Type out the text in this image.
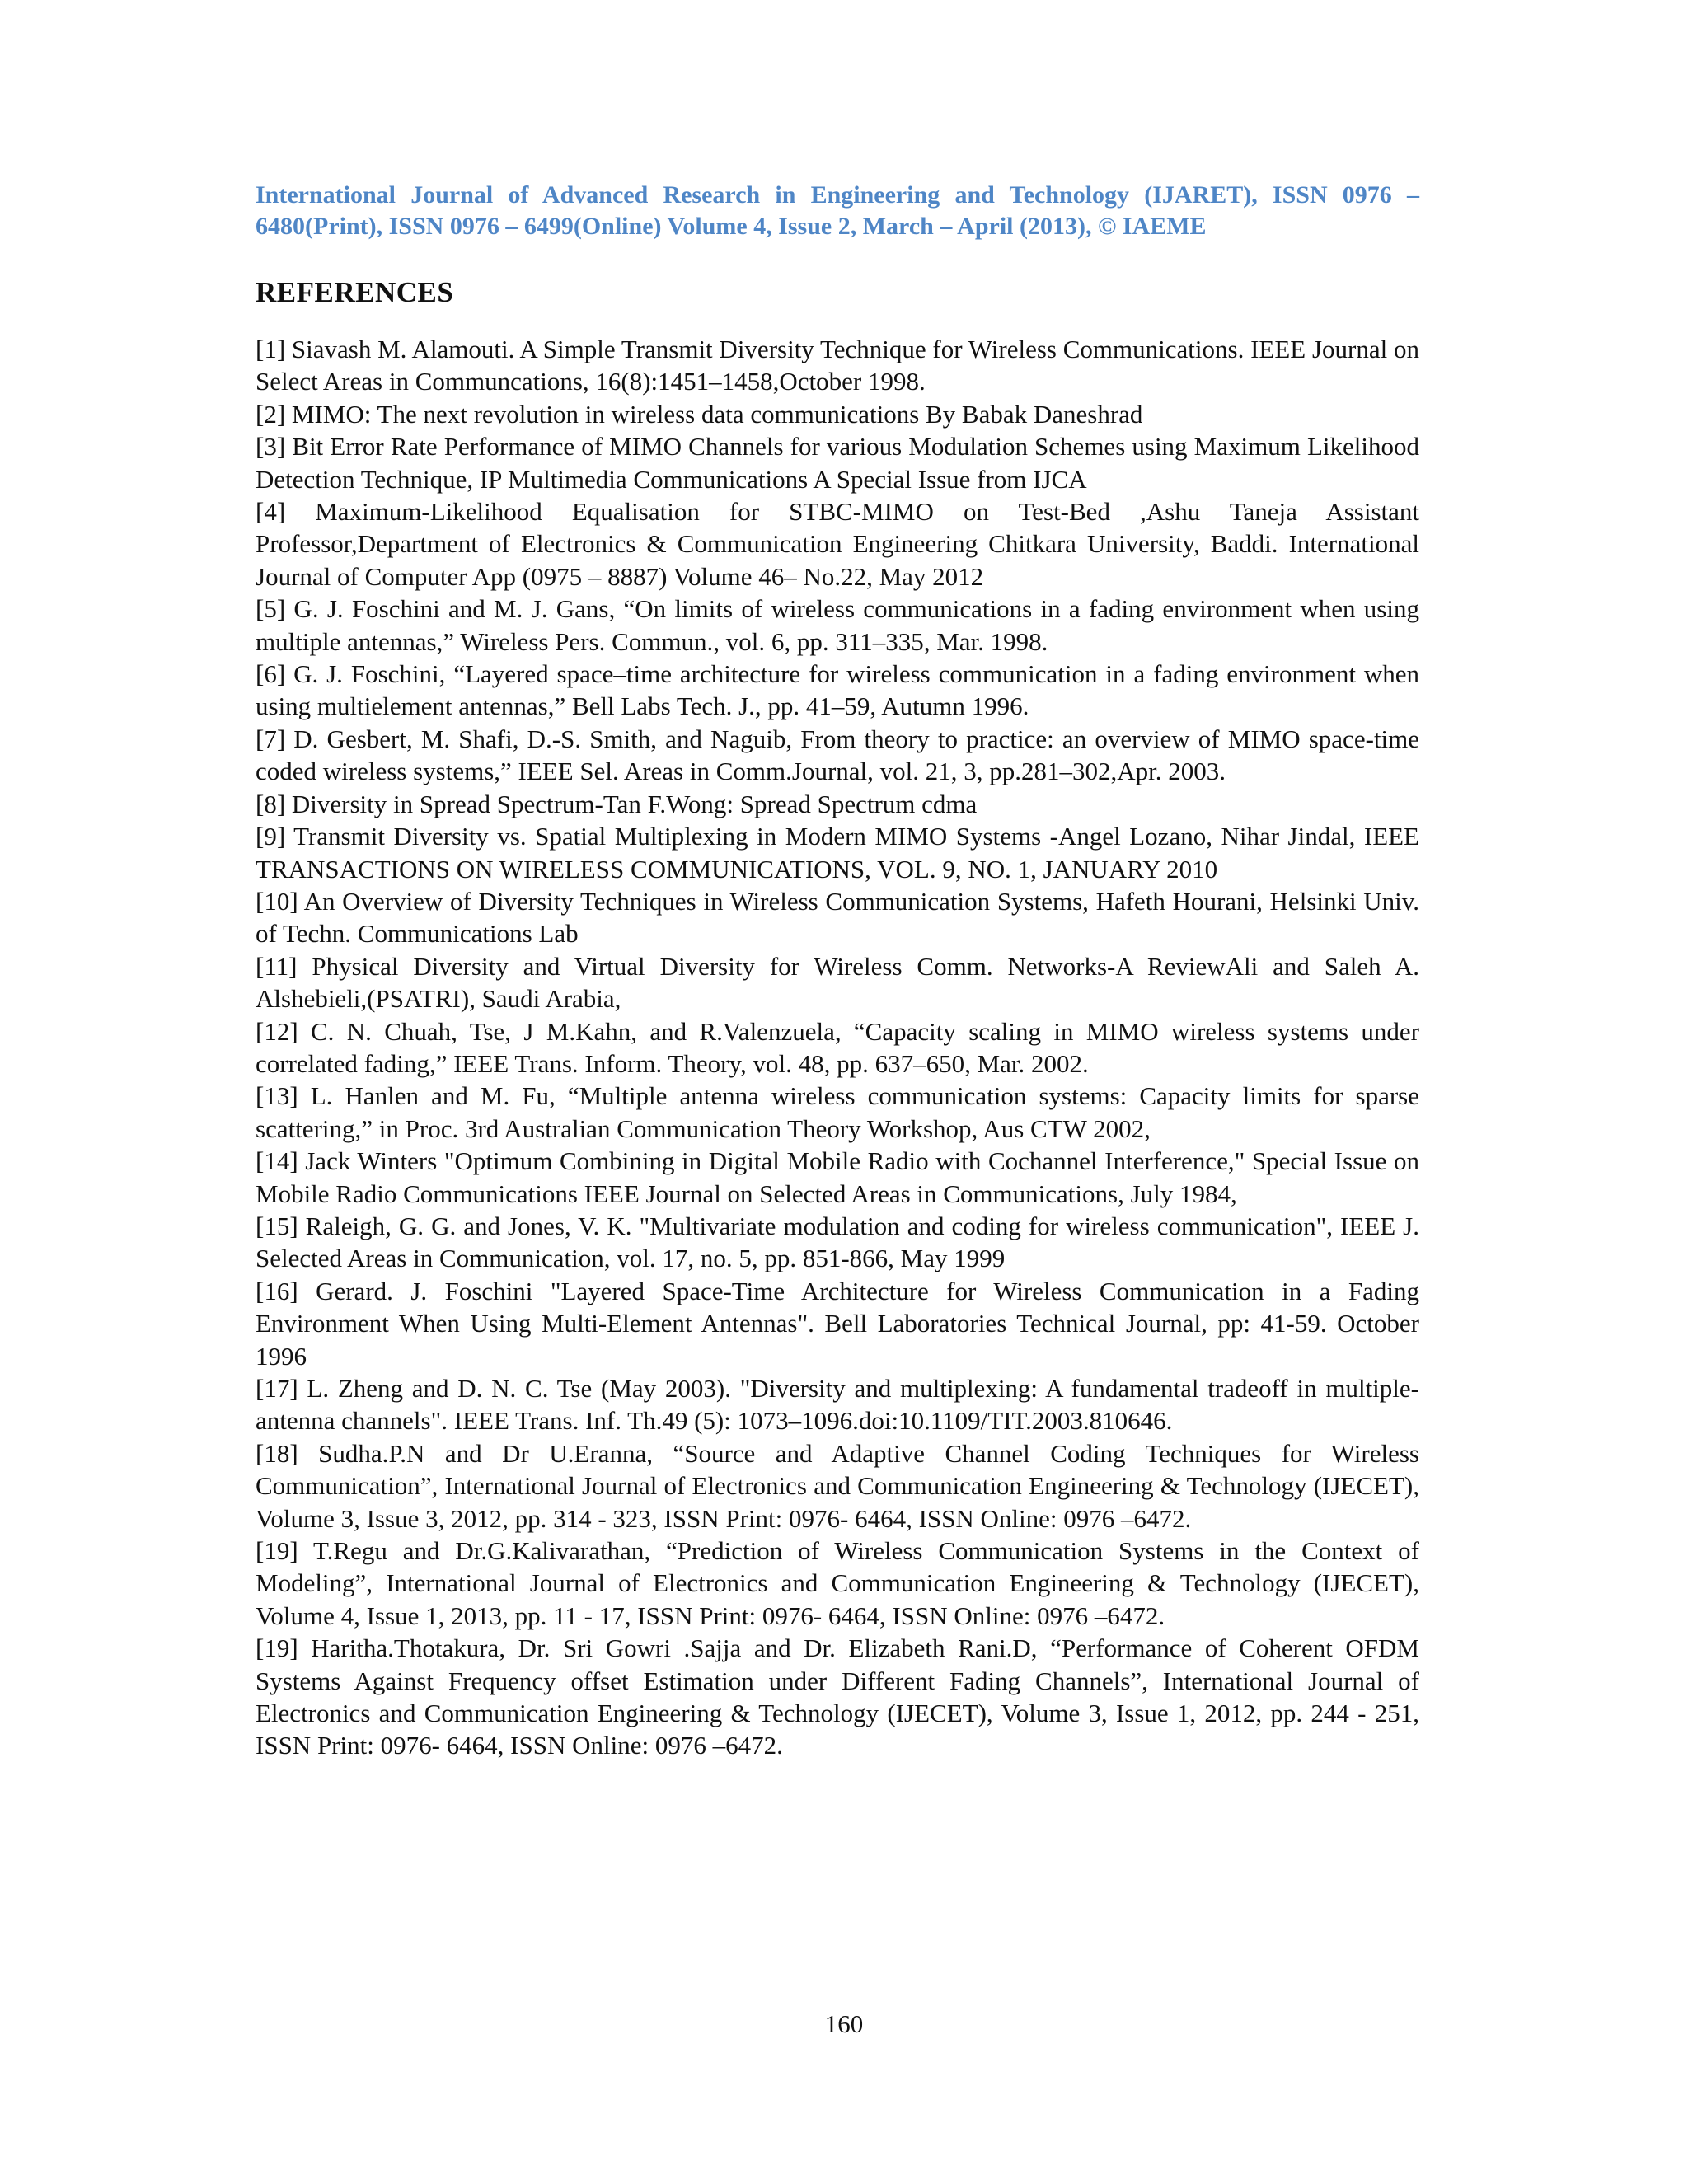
International Journal of Advanced Research in Engineering and Technology (IJARET), ISSN 0976 – 6480(Print), ISSN 0976 – 6499(Online) Volume 4, Issue 2, March – April (2013), © IAEME
REFERENCES
[1] Siavash M. Alamouti. A Simple Transmit Diversity Technique for Wireless Communications. IEEE Journal on Select Areas in Communcations, 16(8):1451–1458,October 1998.
[2] MIMO: The next revolution in wireless data communications By Babak Daneshrad
[3] Bit Error Rate Performance of MIMO Channels for various Modulation Schemes using Maximum Likelihood Detection Technique, IP Multimedia Communications A Special Issue from IJCA
[4] Maximum-Likelihood Equalisation for STBC-MIMO on Test-Bed ,Ashu Taneja Assistant Professor,Department of Electronics & Communication Engineering Chitkara University, Baddi. International Journal of Computer App (0975 – 8887) Volume 46– No.22, May 2012
[5] G. J. Foschini and M. J. Gans, “On limits of wireless communications in a fading environment when using multiple antennas,” Wireless Pers. Commun., vol. 6, pp. 311–335, Mar. 1998.
[6] G. J. Foschini, “Layered space–time architecture for wireless communication in a fading environment when using multielement antennas,” Bell Labs Tech. J., pp. 41–59, Autumn 1996.
[7] D. Gesbert, M. Shafi, D.-S. Smith, and Naguib, From theory to practice: an overview of MIMO space-time coded wireless systems,” IEEE Sel. Areas in Comm.Journal, vol. 21, 3, pp.281–302,Apr. 2003.
[8] Diversity in Spread Spectrum-Tan F.Wong: Spread Spectrum cdma
[9] Transmit Diversity vs. Spatial Multiplexing in Modern MIMO Systems -Angel Lozano, Nihar Jindal, IEEE TRANSACTIONS ON WIRELESS COMMUNICATIONS, VOL. 9, NO. 1, JANUARY 2010
[10] An Overview of Diversity Techniques in Wireless Communication Systems, Hafeth Hourani, Helsinki Univ. of Techn. Communications Lab
[11] Physical Diversity and Virtual Diversity for Wireless Comm. Networks-A ReviewAli and Saleh A. Alshebieli,(PSATRI), Saudi Arabia,
[12] C. N. Chuah, Tse, J M.Kahn, and R.Valenzuela, “Capacity scaling in MIMO wireless systems under correlated fading,” IEEE Trans. Inform. Theory, vol. 48, pp. 637–650, Mar. 2002.
[13] L. Hanlen and M. Fu, “Multiple antenna wireless communication systems: Capacity limits for sparse scattering,” in Proc. 3rd Australian Communication Theory Workshop, Aus CTW 2002,
[14] Jack Winters "Optimum Combining in Digital Mobile Radio with Cochannel Interference," Special Issue on Mobile Radio Communications IEEE Journal on Selected Areas in Communications, July 1984,
[15] Raleigh, G. G. and Jones, V. K. "Multivariate modulation and coding for wireless communication", IEEE J. Selected Areas in Communication, vol. 17, no. 5, pp. 851-866, May 1999
[16] Gerard. J. Foschini "Layered Space-Time Architecture for Wireless Communication in a Fading Environment When Using Multi-Element Antennas". Bell Laboratories Technical Journal, pp: 41-59. October 1996
[17] L. Zheng and D. N. C. Tse (May 2003). "Diversity and multiplexing: A fundamental tradeoff in multiple-antenna channels". IEEE Trans. Inf. Th.49 (5): 1073–1096.doi:10.1109/TIT.2003.810646.
[18] Sudha.P.N and Dr U.Eranna, “Source and Adaptive Channel Coding Techniques for Wireless Communication”, International Journal of Electronics and Communication Engineering & Technology (IJECET), Volume 3, Issue 3, 2012, pp. 314 - 323, ISSN Print: 0976- 6464, ISSN Online: 0976 –6472.
[19] T.Regu and Dr.G.Kalivarathan, “Prediction of Wireless Communication Systems in the Context of Modeling”, International Journal of Electronics and Communication Engineering & Technology (IJECET), Volume 4, Issue 1, 2013, pp. 11 - 17, ISSN Print: 0976- 6464, ISSN Online: 0976 –6472.
[19] Haritha.Thotakura, Dr. Sri Gowri .Sajja and Dr. Elizabeth Rani.D, “Performance of Coherent OFDM Systems Against Frequency offset Estimation under Different Fading Channels”, International Journal of Electronics and Communication Engineering & Technology (IJECET), Volume 3, Issue 1, 2012, pp. 244 - 251, ISSN Print: 0976- 6464, ISSN Online: 0976 –6472.
160
